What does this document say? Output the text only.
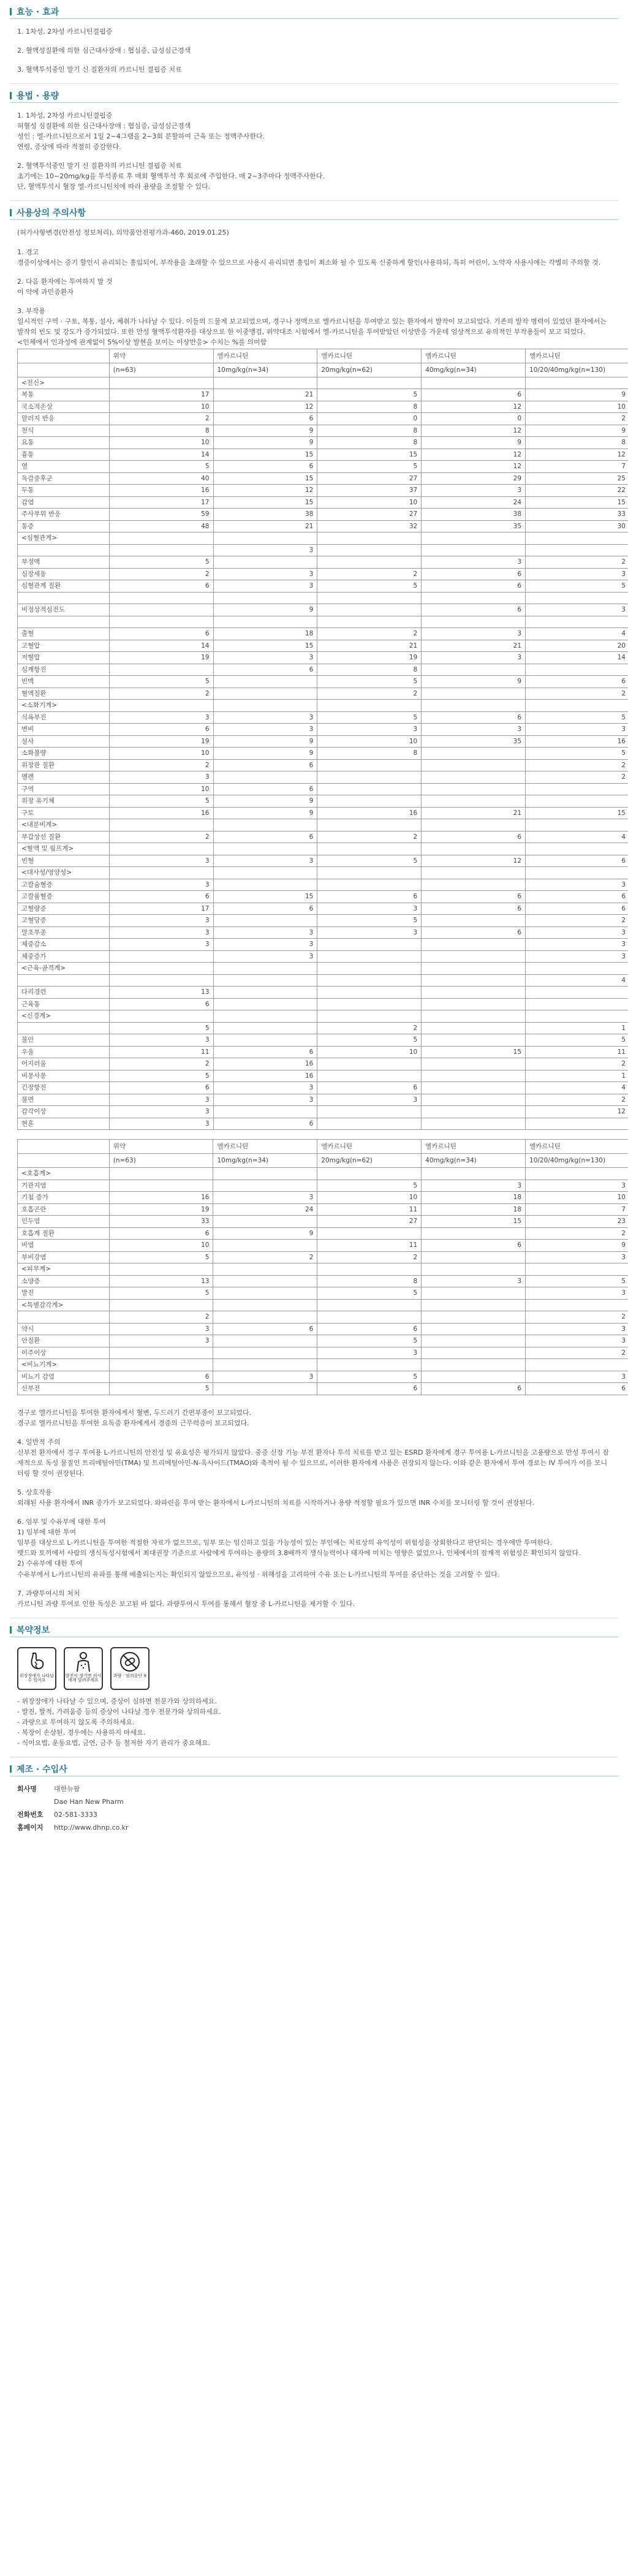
효능 · 효과

1. 1차성, 2차성 카르니틴결핍증

2. 혈액성질환에 의한 심근대사장애 : 협심증, 급성심근경색

3. 혈액투석중인 말기 신 질환자의 카르니틴 결핍증 치료

용법 · 용량

1. 1차성, 2차성 카르니틴결핍증

허혈성 심질환에 의한 심근대사장애 : 협심증, 급성심근경색

성인 : 엘-카르니틴으로서 1일 2~4그램을 2~3회 분할하여 근육 또는 정맥주사한다.

연령, 증상에 따라 적절히 증감한다.

2. 혈액투석중인 말기 신 질환자의 카르니틴 결핍증 치료

초기에는 10~20mg/kg을 투석종료 후 매회 혈액투석 후 회로에 주입한다. 매 2~3주마다 정맥주사한다.

단, 혈액투석시 혈장 엘-카르니틴치에 따라 용량을 조절할 수 있다.

사용상의 주의사항

(허가사항변경(안전성 정보처리), 의약품안전평가과-460, 2019.01.25)

1. 경고

경증이상에서는 증기 할인시 유리되는 흥입되어, 부작용을 초래할 수 있으므로 사용시 유리되면 흥입이 최소화 될 수 있도록 신중하게 할인(사용하되, 특히 어린이, 노약자 사용시에는 각별히 주의할 것.

2. 다음 환자에는 투여하지 말 것

이 약에 과민증환자

3. 부작용

일시적인 구역 · 구토, 복통, 설사, 체취가 나타날 수 있다. 이들의 드물게 보고되었으며, 경구나 정맥으로 엘카르니틴을 투여받고 있는 환자에서 발작이 보고되었다. 기존의 발작 병력이 있었던 환자에서는 발작의 빈도 및 강도가 증가되었다. 또한 만성 혈액투석환자를 대상으로 한 이중맹검, 위약대조 시험에서 엘-카르니틴을 투여받았던 이상반응 가운데 임상적으로 유의적인 부작용들이 보고 되었다.

<인체에서 인과성에 관계없이 5%이상 발현을 보이는 이상반응> 수치는 %를 의미함

	위약	엘카르니틴	엘카르니틴	엘카르니틴	엘카르니틴
	(n=63)	10mg/kg(n=34)	20mg/kg(n=62)	40mg/kg(n=34)	10/20/40mg/kg(n=130)
<전신>					
복통	17	21	5	6	9
국소적손상	10	12	8	12	10
알러지 반응	2	6	0	0	2
천식	8	9	8	12	9
요통	10	9	8	9	8
흉통	14	15	15	12	12
열	5	6	5	12	7
독감증후군	40	15	27	29	25
두통	16	12	37	3	22
감염	17	15	10	24	15
주사부위 반응	59	38	27	38	33
통증	48	21	32	35	30
<심혈관계>					
		3			
부정맥	5			3	2
심장세동	2	3	2	6	3
심혈관계 질환	6	3	5	6	5

비정상적심전도		9		6	3

출혈	6	18	2	3	4
고혈압	14	15	21	21	20
저혈압	19	3	19	3	14
심계항진		6	8		
빈맥	5		5	9	6
혈액질환	2		2		2
<소화기계>					
식욕부진	3	3	5	6	5
변비	6	3	3	3	3
설사	19	9	10	35	16
소화불량	10	9	8		5
위장관 질환	2	6			2
멜렌	3				2
구역	10	6			
위장 유기체	5	9			
구토	16	9	16	21	15
<내분비계>					
부갑상선 질환	2	6	2	6	4
<혈액 및 림프계>					
빈혈	3	3	5	12	6
<대사성/영양성>					
고칼슘혈증	3				3
고칼륨혈증	6	15	6	6	6
고혈량증	17	6	3	6	6
고혈당증	3		5		2
말초부종	3	3	3	6	3
체중감소	3	3			3
체중증가		3			3
<근육-골격계>					
					4
다리경련	13				
근육통	6				
<신경계>					
	5		2		1
불안	3		5		5
우울	11	6	10	15	11
어지러움	2	16			2
비몽사몽	5	16			1
긴장항진	6	3	6		4
불면	3	3	3		2
감각이상	3				12
현훈	3	6			
	위약	엘카르니틴	엘카르니틴	엘카르니틴	엘카르니틴
	(n=63)	10mg/kg(n=34)	20mg/kg(n=62)	40mg/kg(n=34)	10/20/40mg/kg(n=130)
<호흡계>					
기관지염			5	3	3
기침 증가	16	3	10	18	10
호흡곤란	19	24	11	18	7
인두염	33		27	15	23
호흡계 질환	6	9			2
비염	10		11	6	9
부비강염	5	2	2		3
<피부계>					
소양증	13		8	3	5
발진	5		5		3
<특별감각계>					
	2				2
약시	3	6	6		3
안질환	3		5		3
이주이상			3		2
<비뇨기계>					
비뇨기 감염	6	3	5		3
신부전	5		6	6	6

경구로 엘카르니틴을 투여한 환자에게서 혈변, 두드러기 간편부종이 보고되었다.

경구로 엘카르니틴을 투여한 요독증 환자에게서 경증의 근무력증이 보고되었다.

4. 일반적 주의

신부전 환자에서 경구 투여용 L-카르니틴의 안전성 및 유효성은 평가되지 않았다. 중증 신장 기능 부전 환자나 투석 치료를 받고 있는 ESRD 환자에게 경구 투여용 L-카르니틴을 고용량으로 만성 투여시 잠재적으로 독성 물질인 트리메틸아민(TMA) 및 트리메틸아민-N-옥사이드(TMAO)와 축적이 될 수 있으므로, 이러한 환자에게 사용은 권장되지 않는다. 이와 같은 환자에서 투여 경로는 IV 투여가 이를 모니터링 할 것이 권장된다.

5. 상호작용

외래된 사용 환자에서 INR 증가가 보고되었다. 와파린을 투여 받는 환자에서 L-카르니틴의 치료를 시작하거나 용량 적정할 필요가 있으면 INR 수치를 모니터링 할 것이 권장된다.

6. 임부 및 수유부에 대한 투여

1) 임부에 대한 투여

임부를 대상으로 L-카르니틴을 투여한 적절한 자료가 없으므로, 임부 또는 임신하고 있을 가능성이 있는 부인에는 치료상의 유익성이 위험성을 상회한다고 판단되는 경우에만 투여한다.

랫드와 토끼에서 사람의 생식독성시험에서 최대권장 기준으로 사람에게 투여하는 용량의 3.8배까지 생식능력이나 태자에 미치는 영향은 없었으나, 인체에서의 잠재적 위험성은 확인되지 않았다.

2) 수유부에 대한 투여

수유부에서 L-카르니틴의 유파를 통해 배출되는지는 확인되지 않았으므로, 유익성 · 위해성을 고려하여 수유 또는 L-카르니틴의 투여를 중단하는 것을 고려할 수 있다.

7. 과량투여시의 처치

카르니틴 과량 투여로 인한 독성은 보고된 바 없다. 과량투여시 투여를 통해서 혈장 중 L-카르니틴을 제거할 수 있다.

복약정보
위장장애가 나타날 수 있어요
발진이 생기면 의사에게 알려주세요
과량 · 임의중단 X

- 위장장애가 나타날 수 있으며, 증상이 심하면 전문가와 상의하세요.

- 발진, 발적, 가려움증 등의 증상이 나타날 경우 전문가와 상의하세요.

- 과량으로 투여하지 않도록 주의하세요.

- 복장이 손상된, 경우에는 사용하지 마세요.

- 식이요법, 운동요법, 금연, 금주 등 철저한 자기 관리가 중요해요.

제조 · 수입사
회사명	대한뉴팜
Dae Han New Pharm
전화번호	02-581-3333
홈페이지	http://www.dhnp.co.kr
